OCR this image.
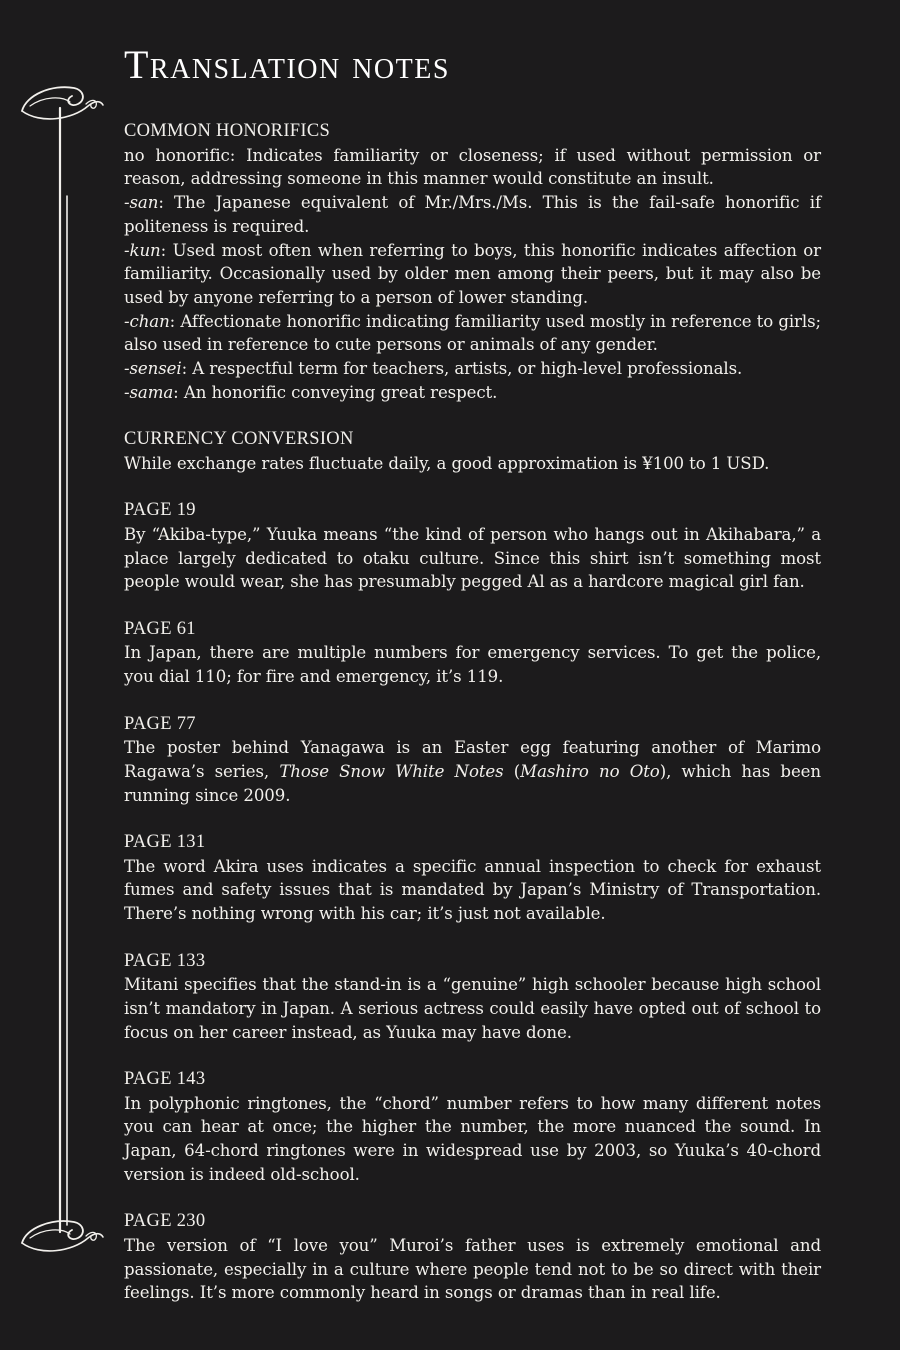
Translation notes
COMMON HONORIFICS
no honorific: Indicates familiarity or closeness; if used without permission or reason, addressing someone in this manner would constitute an insult.
-san: The Japanese equivalent of Mr./Mrs./Ms. This is the fail-safe honorific if politeness is required.
-kun: Used most often when referring to boys, this honorific indicates affection or familiarity. Occasionally used by older men among their peers, but it may also be used by anyone referring to a person of lower standing.
-chan: Affectionate honorific indicating familiarity used mostly in reference to girls; also used in reference to cute persons or animals of any gender.
-sensei: A respectful term for teachers, artists, or high-level professionals.
-sama: An honorific conveying great respect.
CURRENCY CONVERSION
While exchange rates fluctuate daily, a good approximation is ¥100 to 1 USD.
PAGE 19
By “Akiba-type,” Yuuka means “the kind of person who hangs out in Akihabara,” a place largely dedicated to otaku culture. Since this shirt isn’t something most people would wear, she has presumably pegged Al as a hardcore magical girl fan.
PAGE 61
In Japan, there are multiple numbers for emergency services. To get the police, you dial 110; for fire and emergency, it’s 119.
PAGE 77
The poster behind Yanagawa is an Easter egg featuring another of Marimo Ragawa’s series, Those Snow White Notes (Mashiro no Oto), which has been running since 2009.
PAGE 131
The word Akira uses indicates a specific annual inspection to check for exhaust fumes and safety issues that is mandated by Japan’s Ministry of Transportation. There’s nothing wrong with his car; it’s just not available.
PAGE 133
Mitani specifies that the stand-in is a “genuine” high schooler because high school isn’t mandatory in Japan. A serious actress could easily have opted out of school to focus on her career instead, as Yuuka may have done.
PAGE 143
In polyphonic ringtones, the “chord” number refers to how many different notes you can hear at once; the higher the number, the more nuanced the sound. In Japan, 64-chord ringtones were in widespread use by 2003, so Yuuka’s 40-chord version is indeed old-school.
PAGE 230
The version of “I love you” Muroi’s father uses is extremely emotional and passionate, especially in a culture where people tend not to be so direct with their feelings. It’s more commonly heard in songs or dramas than in real life.
